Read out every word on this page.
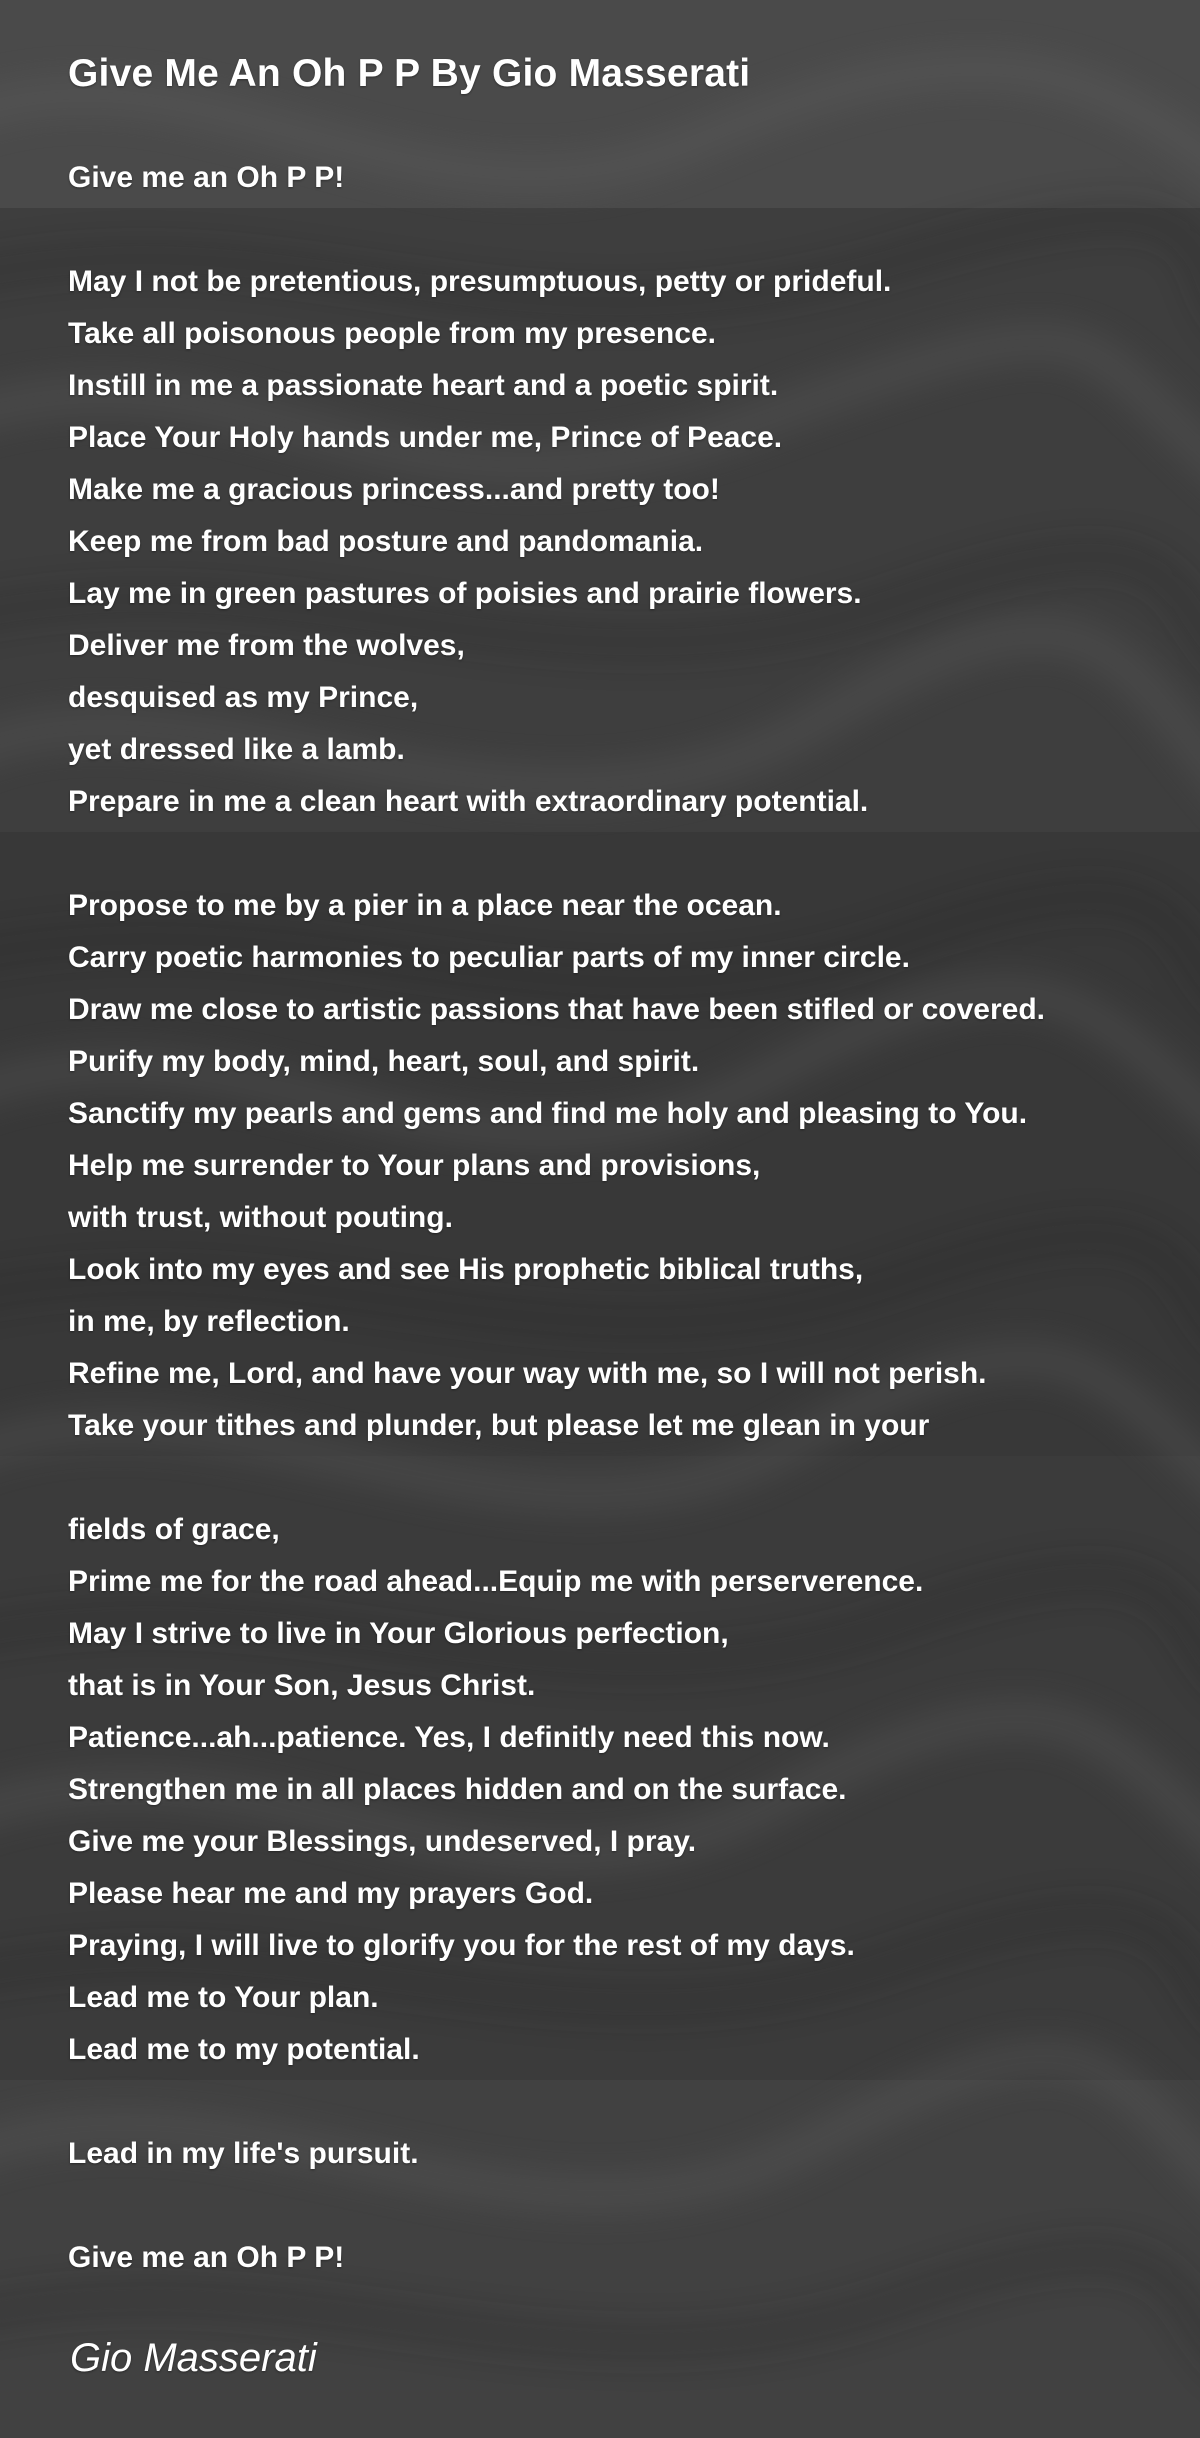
Give Me An Oh P P By Gio Masserati
Give me an Oh P P!
May I not be pretentious, presumptuous, petty or prideful.
Take all poisonous people from my presence.
Instill in me a passionate heart and a poetic spirit.
Place Your Holy hands under me, Prince of Peace.
Make me a gracious princess...and pretty too!
Keep me from bad posture and pandomania.
Lay me in green pastures of poisies and prairie flowers.
Deliver me from the wolves,
desquised as my Prince,
yet dressed like a lamb.
Prepare in me a clean heart with extraordinary potential.
Propose to me by a pier in a place near the ocean.
Carry poetic harmonies to peculiar parts of my inner circle.
Draw me close to artistic passions that have been stifled or covered.
Purify my body, mind, heart, soul, and spirit.
Sanctify my pearls and gems and find me holy and pleasing to You.
Help me surrender to Your plans and provisions,
with trust, without pouting.
Look into my eyes and see His prophetic biblical truths,
in me, by reflection.
Refine me, Lord, and have your way with me, so I will not perish.
Take your tithes and plunder, but please let me glean in your
fields of grace,
Prime me for the road ahead...Equip me with perserverence.
May I strive to live in Your Glorious perfection,
that is in Your Son, Jesus Christ.
Patience...ah...patience. Yes, I definitly need this now.
Strengthen me in all places hidden and on the surface.
Give me your Blessings, undeserved, I pray.
Please hear me and my prayers God.
Praying, I will live to glorify you for the rest of my days.
Lead me to Your plan.
Lead me to my potential.
Lead in my life's pursuit.
Give me an Oh P P!
Gio Masserati
